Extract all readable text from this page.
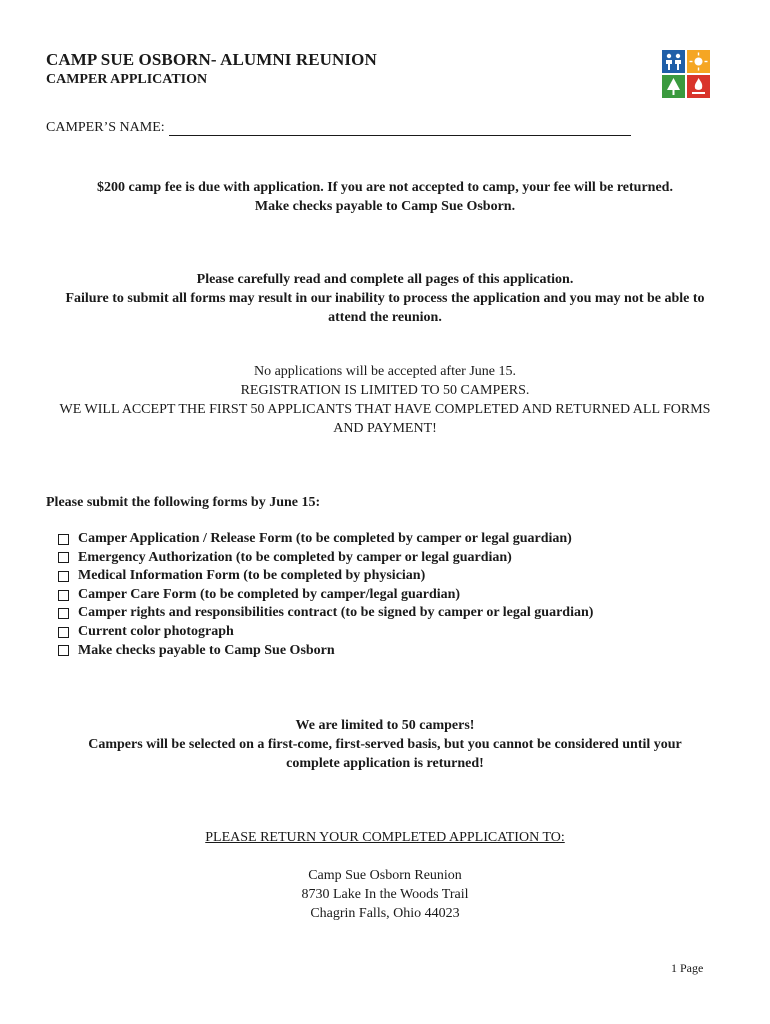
CAMP SUE OSBORN- ALUMNI REUNION
CAMPER APPLICATION
CAMPER’S NAME:
$200 camp fee is due with application. If you are not accepted to camp, your fee will be returned.
Make checks payable to Camp Sue Osborn.
Please carefully read and complete all pages of this application.
Failure to submit all forms may result in our inability to process the application and you may not be able to
attend the reunion.
No applications will be accepted after June 15.
REGISTRATION IS LIMITED TO 50 CAMPERS.
WE WILL ACCEPT THE FIRST 50 APPLICANTS THAT HAVE COMPLETED AND RETURNED ALL FORMS
AND PAYMENT!
Please submit the following forms by June 15:
Camper Application / Release Form (to be completed by camper or legal guardian)
Emergency Authorization (to be completed by camper or legal guardian)
Medical Information Form (to be completed by physician)
Camper Care Form (to be completed by camper/legal guardian)
Camper rights and responsibilities contract (to be signed by camper or legal guardian)
Current color photograph
Make checks payable to Camp Sue Osborn
We are limited to 50 campers!
Campers will be selected on a first-come, first-served basis, but you cannot be considered until your
complete application is returned!
PLEASE RETURN YOUR COMPLETED APPLICATION TO:
Camp Sue Osborn Reunion
8730 Lake In the Woods Trail
Chagrin Falls, Ohio 44023
1 Page
